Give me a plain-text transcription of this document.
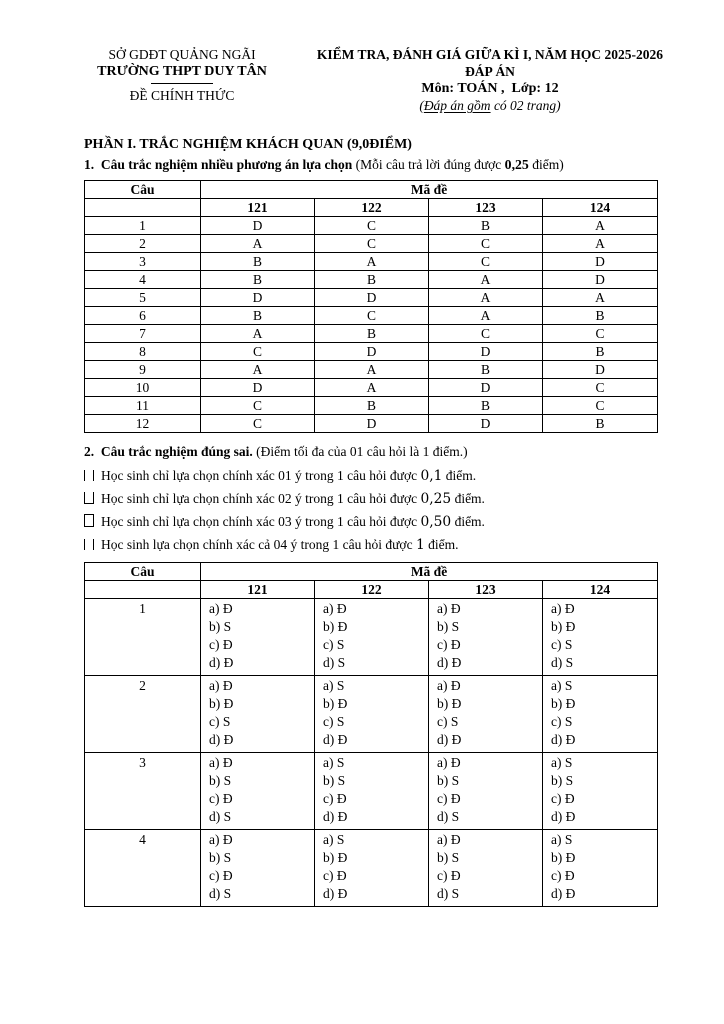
SỞ GDĐT QUẢNG NGÃI
TRƯỜNG THPT DUY TÂN
ĐỀ CHÍNH THỨC
KIỂM TRA, ĐÁNH GIÁ GIỮA KÌ I, NĂM HỌC 2025-2026
ĐÁP ÁN
Môn: TOÁN ,  Lớp: 12
(Đáp án gồm có 02 trang)
PHẦN I. TRẮC NGHIỆM KHÁCH QUAN (9,0ĐIỂM)
1.  Câu trắc nghiệm nhiều phương án lựa chọn (Mỗi câu trả lời đúng được 0,25 điểm)
Câu	Mã đề			
	121	122	123	124
1	D	C	B	A
2	A	C	C	A
3	B	A	C	D
4	B	B	A	D
5	D	D	A	A
6	B	C	A	B
7	A	B	C	C
8	C	D	D	B
9	A	A	B	D
10	D	A	D	C
11	C	B	B	C
12	C	D	D	B
2.  Câu trắc nghiệm đúng sai. (Điểm tối đa của 01 câu hỏi là 1 điểm.)
Học sinh chỉ lựa chọn chính xác 01 ý trong 1 câu hỏi được 0,1 điểm.
Học sinh chỉ lựa chọn chính xác 02 ý trong 1 câu hỏi được 0,25 điểm.
Học sinh chỉ lựa chọn chính xác 03 ý trong 1 câu hỏi được 0,50 điểm.
Học sinh lựa chọn chính xác cả 04 ý trong 1 câu hỏi được 1 điểm.
Câu	Mã đề			
	121	122	123	124
1	a) Đ
b) S
c) Đ
d) Đ

a) Đ
b) Đ
c) S
d) S

a) Đ
b) S
c) Đ
d) Đ

a) Đ
b) Đ
c) S
d) S

2	a) Đ
b) Đ
c) S
d) Đ

a) S
b) Đ
c) S
d) Đ

a) Đ
b) Đ
c) S
d) Đ

a) S
b) Đ
c) S
d) Đ

3	a) Đ
b) S
c) Đ
d) S

a) S
b) S
c) Đ
d) Đ

a) Đ
b) S
c) Đ
d) S

a) S
b) S
c) Đ
d) Đ

4	a) Đ
b) S
c) Đ
d) S

a) S
b) Đ
c) Đ
d) Đ

a) Đ
b) S
c) Đ
d) S

a) S
b) Đ
c) Đ
d) Đ
